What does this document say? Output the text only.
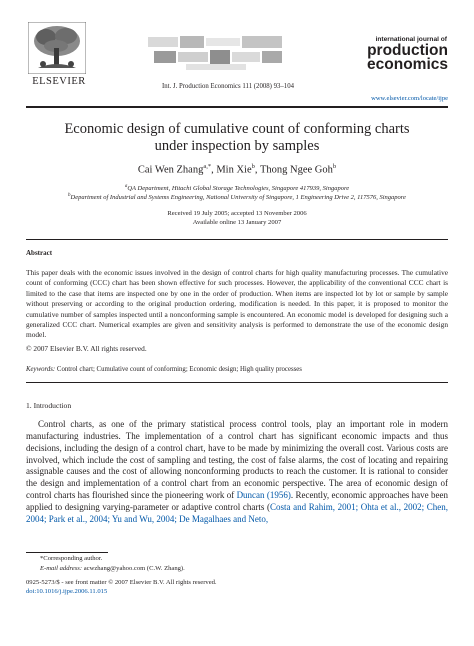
ELSEVIER	Int. J. Production Economics 111 (2008) 93–104
international journal of
production
economics
www.elsevier.com/locate/ijpe
Economic design of cumulative count of conforming charts
under inspection by samples
Cai Wen Zhang$^{a,*}$, Min Xie$^b$, Thong Ngee Goh$^b$
$^a$QA Department, Hitachi Global Storage Technologies, Singapore 417939, Singapore
$^b$Department of Industrial and Systems Engineering, National University of Singapore, 1 Engineering Drive 2, 117576, Singapore
Received 19 July 2005; accepted 13 November 2006
Available online 13 January 2007
Abstract
This paper deals with the economic issues involved in the design of control charts for high quality manufacturing processes. The cumulative count of conforming (CCC) chart has been shown effective for such processes. However, the applicability of the conventional CCC chart is limited to the case that items are inspected one by one in the order of production. When items are inspected lot by lot or sample by sample without preserving or according to the original production ordering, modification is needed. In this paper, it is proposed to monitor the cumulative number of samples inspected until a nonconforming sample is encountered. An economic model is developed for designing such a generalized CCC chart. Numerical examples are given and sensitivity analysis is performed to demonstrate the use of the economic design model.
© 2007 Elsevier B.V. All rights reserved.
Keywords: Control chart; Cumulative count of conforming; Economic design; High quality processes
1. Introduction
Control charts, as one of the primary statistical process control tools, play an important role in modern manufacturing industries. The implementation of a control chart has significant economic impacts and thus decisions, including the design of a control chart, have to be made by minimizing the overall cost. Various costs are involved, which include the cost of sampling and testing, the cost of false alarms, the cost of locating and repairing assignable causes and the cost of allowing nonconforming products to reach the customer. It is rational to consider the design and implementation of a control chart from an economic perspective. The area of economic design of control charts has flourished since the pioneering work of Duncan (1956). Recently, economic approaches have been applied to designing varying-parameter or adaptive control charts (Costa and Rahim, 2001; Ohta et al., 2002; Chen, 2004; Park et al., 2004; Yu and Wu, 2004; De Magalhaes and Neto,
*Corresponding author.
E-mail address: acwzhang@yahoo.com (C.W. Zhang).
0925-5273/$ - see front matter © 2007 Elsevier B.V. All rights reserved.
doi:10.1016/j.ijpe.2006.11.015
